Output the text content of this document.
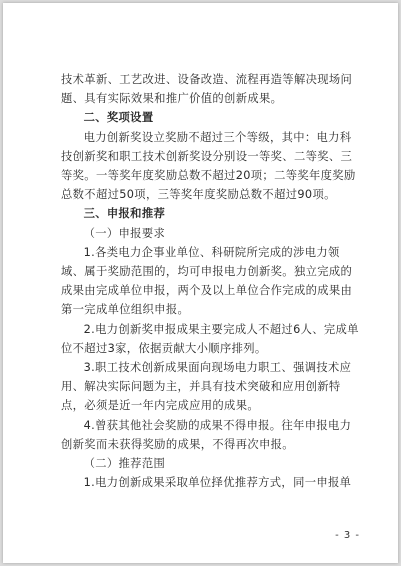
技术革新、工艺改进、设备改造、流程再造等解决现场问题、具有实际效果和推广价值的创新成果。

二、奖项设置

电力创新奖设立奖励不超过三个等级，其中：电力科技创新奖和职工技术创新奖设分别设一等奖、二等奖、三等奖。一等奖年度奖励总数不超过20项；二等奖年度奖励总数不超过50项，三等奖年度奖励总数不超过90项。

三、申报和推荐

（一）申报要求

1.各类电力企事业单位、科研院所完成的涉电力领域、属于奖励范围的，均可申报电力创新奖。独立完成的成果由完成单位申报，两个及以上单位合作完成的成果由第一完成单位组织申报。

2.电力创新奖申报成果主要完成人不超过6人、完成单位不超过3家，依据贡献大小顺序排列。

3.职工技术创新成果面向现场电力职工、强调技术应用、解决实际问题为主，并具有技术突破和应用创新特点，必须是近一年内完成应用的成果。

4.曾获其他社会奖励的成果不得申报。往年申报电力创新奖而未获得奖励的成果，不得再次申报。

（二）推荐范围

1.电力创新成果采取单位择优推荐方式，同一申报单

- 3 -
